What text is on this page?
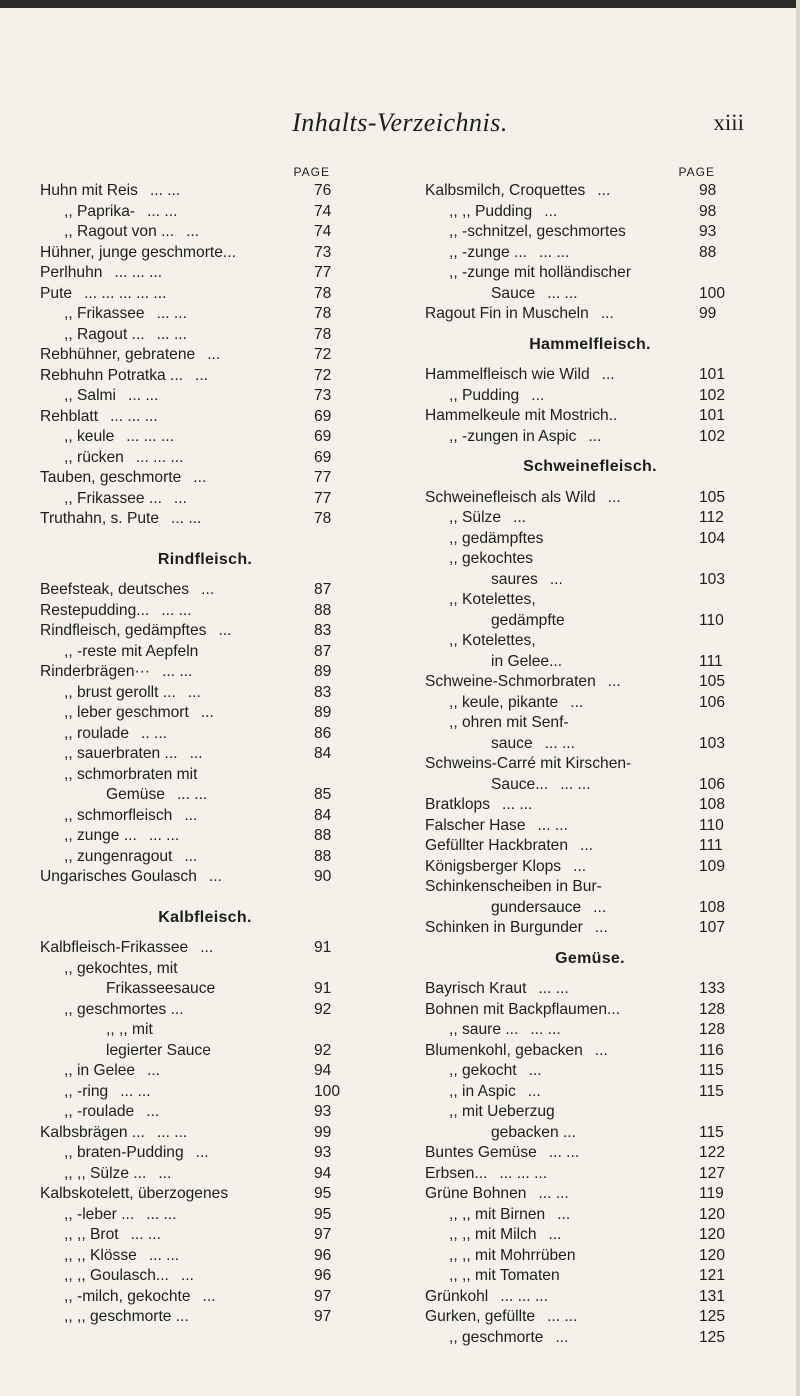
Inhalts-Verzeichnis.	xiii
PAGE
Huhn mit Reis ... ...	76
,, Paprika- ... ...	74
,, Ragout von ... ...	74
Hühner, junge geschmorte...	73
Perlhuhn ... ... ...	77
Pute ... ... ... ... ...	78
,, Frikassee ... ...	78
,, Ragout ... ... ...	78
Rebhühner, gebratene ...	72
Rebhuhn Potratka ... ...	72
,, Salmi ... ...	73
Rehblatt ... ... ...	69
,, keule ... ... ...	69
,, rücken ... ... ...	69
Tauben, geschmorte ...	77
,, Frikassee ... ...	77
Truthahn, s. Pute ... ...	78
Rindfleisch.
Beefsteak, deutsches ...	87
Restepudding... ... ...	88
Rindfleisch, gedämpftes ...	83
,, -reste mit Aepfeln	87
Rinderbrägen··· ... ...	89
,, brust gerollt ... ...	83
,, leber geschmort ...	89
,, roulade .. ...	86
,, sauerbraten ... ...	84
,, schmorbraten mit
Gemüse ... ...	85
,, schmorfleisch ...	84
,, zunge ... ... ...	88
,, zungenragout ...	88
Ungarisches Goulasch ...	90
Kalbfleisch.
Kalbfleisch-Frikassee ...	91
,, gekochtes, mit
Frikasseesauce	91
,, geschmortes ...	92
,, ,, mit
legierter Sauce	92
,, in Gelee ...	94
,, -ring ... ...	100
,, -roulade ...	93
Kalbsbrägen ... ... ...	99
,, braten-Pudding ...	93
,, ,, Sülze ... ...	94
Kalbskotelett, überzogenes	95
,, -leber ... ... ...	95
,, ,, Brot ... ...	97
,, ,, Klösse ... ...	96
,, ,, Goulasch... ...	96
,, -milch, gekochte ...	97
,, ,, geschmorte ...	97
PAGE
Kalbsmilch, Croquettes ...	98
,, ,, Pudding ...	98
,, -schnitzel, geschmortes	93
,, -zunge ... ... ...	88
,, -zunge mit holländischer
Sauce ... ...	100
Ragout Fin in Muscheln ...	99
Hammelfleisch.
Hammelfleisch wie Wild ...	101
,, Pudding ...	102
Hammelkeule mit Mostrich..	101
,, -zungen in Aspic ...	102
Schweinefleisch.
Schweinefleisch als Wild ...	105
,, Sülze ...	112
,, gedämpftes	104
,, gekochtes
saures ...	103
,, Kotelettes,
gedämpfte	110
,, Kotelettes,
in Gelee...	111
Schweine-Schmorbraten ...	105
,, keule, pikante ...	106
,, ohren mit Senf-
sauce ... ...	103
Schweins-Carré mit Kirschen-
Sauce... ... ...	106
Bratklops ... ...	108
Falscher Hase ... ...	110
Gefüllter Hackbraten ...	111
Königsberger Klops ...	109
Schinkenscheiben in Bur-
gundersauce ...	108
Schinken in Burgunder ...	107
Gemüse.
Bayrisch Kraut ... ...	133
Bohnen mit Backpflaumen...	128
,, saure ... ... ...	128
Blumenkohl, gebacken ...	116
,, gekocht ...	115
,, in Aspic ...	115
,, mit Ueberzug
gebacken ...	115
Buntes Gemüse ... ...	122
Erbsen... ... ... ...	127
Grüne Bohnen ... ...	119
,, ,, mit Birnen ...	120
,, ,, mit Milch ...	120
,, ,, mit Mohrrüben	120
,, ,, mit Tomaten	121
Grünkohl ... ... ...	131
Gurken, gefüllte ... ...	125
,, geschmorte ...	125
